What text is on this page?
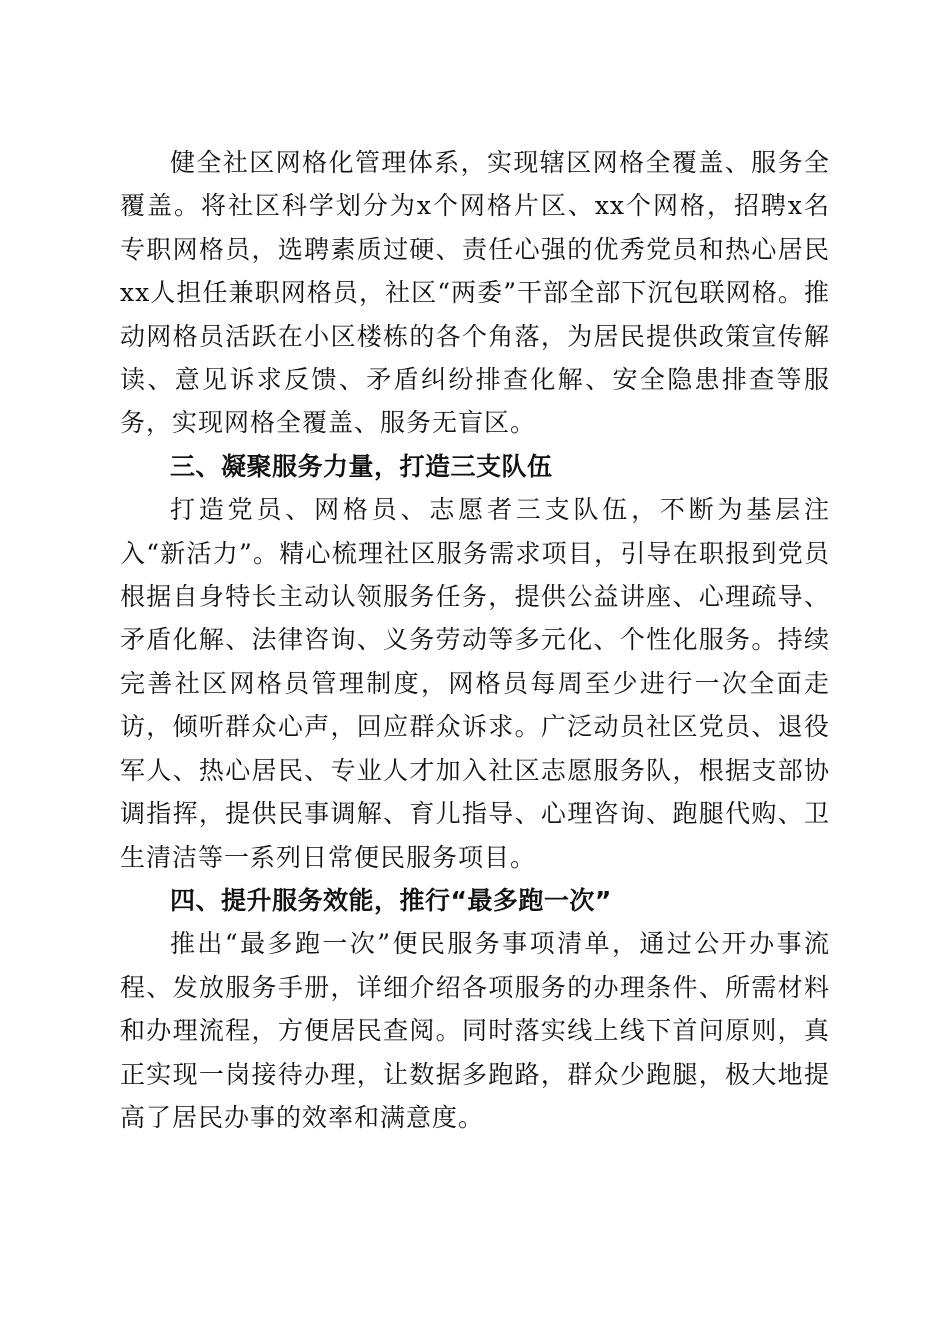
健全社区网格化管理体系，实现辖区网格全覆盖、服务全覆盖。将社区科学划分为x个网格片区、xx个网格，招聘x名专职网格员，选聘素质过硬、责任心强的优秀党员和热心居民xx人担任兼职网格员，社区“两委”干部全部下沉包联网格。推动网格员活跃在小区楼栋的各个角落，为居民提供政策宣传解读、意见诉求反馈、矛盾纠纷排查化解、安全隐患排查等服务，实现网格全覆盖、服务无盲区。

三、凝聚服务力量，打造三支队伍

打造党员、网格员、志愿者三支队伍，不断为基层注入“新活力”。精心梳理社区服务需求项目，引导在职报到党员根据自身特长主动认领服务任务，提供公益讲座、心理疏导、矛盾化解、法律咨询、义务劳动等多元化、个性化服务。持续完善社区网格员管理制度，网格员每周至少进行一次全面走访，倾听群众心声，回应群众诉求。广泛动员社区党员、退役军人、热心居民、专业人才加入社区志愿服务队，根据支部协调指挥，提供民事调解、育儿指导、心理咨询、跑腿代购、卫生清洁等一系列日常便民服务项目。

四、提升服务效能，推行“最多跑一次”

推出“最多跑一次”便民服务事项清单，通过公开办事流程、发放服务手册，详细介绍各项服务的办理条件、所需材料和办理流程，方便居民查阅。同时落实线上线下首问原则，真正实现一岗接待办理，让数据多跑路，群众少跑腿，极大地提高了居民办事的效率和满意度。
